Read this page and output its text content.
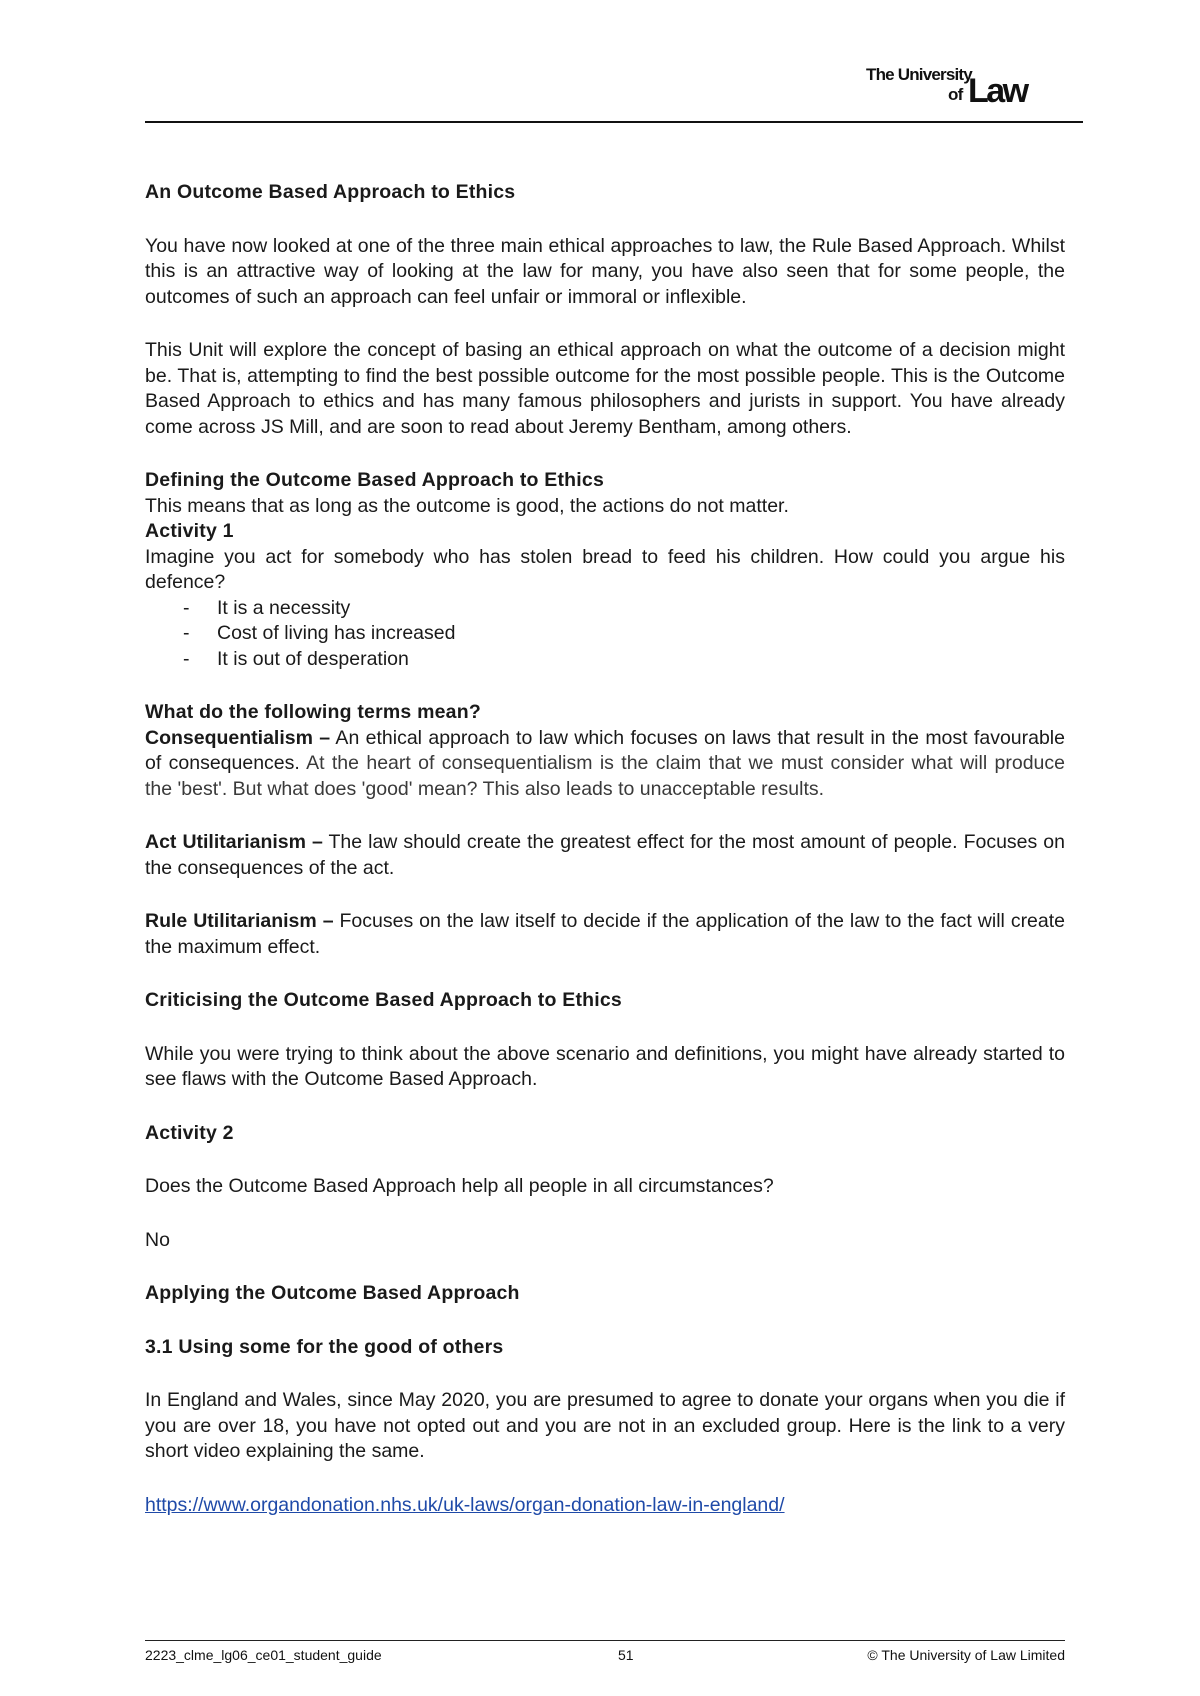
The University
of Law

An Outcome Based Approach to Ethics

You have now looked at one of the three main ethical approaches to law, the Rule Based Approach. Whilst this is an attractive way of looking at the law for many, you have also seen that for some people, the outcomes of such an approach can feel unfair or immoral or inflexible.

This Unit will explore the concept of basing an ethical approach on what the outcome of a decision might be. That is, attempting to find the best possible outcome for the most possible people. This is the Outcome Based Approach to ethics and has many famous philosophers and jurists in support. You have already come across JS Mill, and are soon to read about Jeremy Bentham, among others.

Defining the Outcome Based Approach to Ethics

This means that as long as the outcome is good, the actions do not matter.

Activity 1

Imagine you act for somebody who has stolen bread to feed his children. How could you argue his defence?

- It is a necessity
- Cost of living has increased
- It is out of desperation

What do the following terms mean?

Consequentialism – An ethical approach to law which focuses on laws that result in the most favourable of consequences. At the heart of consequentialism is the claim that we must consider what will produce the 'best'. But what does 'good' mean? This also leads to unacceptable results.

Act Utilitarianism – The law should create the greatest effect for the most amount of people. Focuses on the consequences of the act.

Rule Utilitarianism – Focuses on the law itself to decide if the application of the law to the fact will create the maximum effect.

Criticising the Outcome Based Approach to Ethics

While you were trying to think about the above scenario and definitions, you might have already started to see flaws with the Outcome Based Approach.

Activity 2

Does the Outcome Based Approach help all people in all circumstances?

No

Applying the Outcome Based Approach

3.1 Using some for the good of others

In England and Wales, since May 2020, you are presumed to agree to donate your organs when you die if you are over 18, you have not opted out and you are not in an excluded group. Here is the link to a very short video explaining the same.

https://www.organdonation.nhs.uk/uk-laws/organ-donation-law-in-england/

2223_clme_lg06_ce01_student_guide	51	© The University of Law Limited
